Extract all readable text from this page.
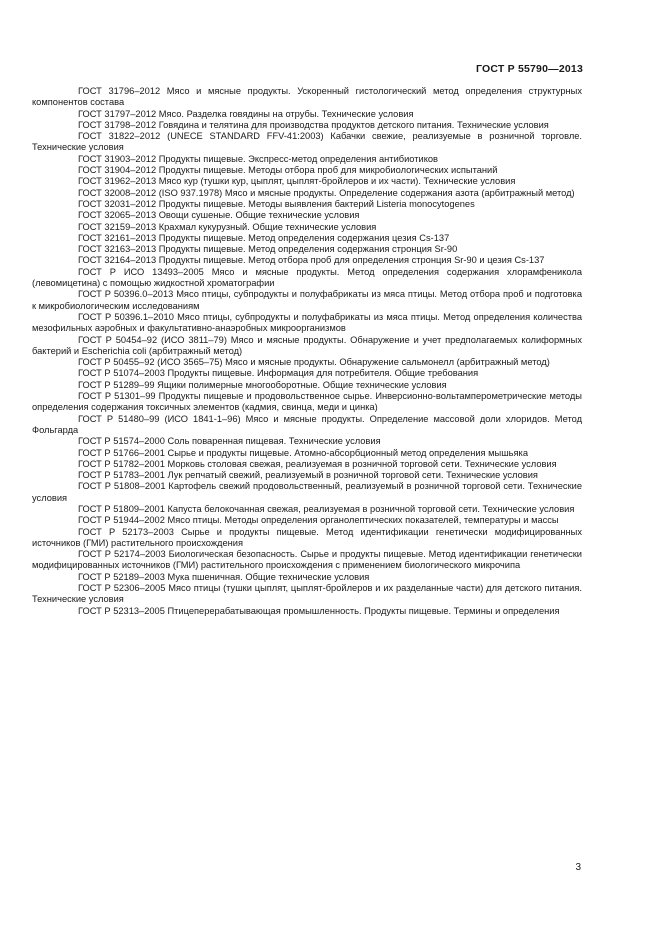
ГОСТ Р 55790—2013

ГОСТ 31796–2012 Мясо и мясные продукты. Ускоренный гистологический метод определения структурных компонентов состава

ГОСТ 31797–2012 Мясо. Разделка говядины на отрубы. Технические условия

ГОСТ 31798–2012 Говядина и телятина для производства продуктов детского питания. Технические условия

ГОСТ 31822–2012 (UNECE STANDARD FFV-41:2003) Кабачки свежие, реализуемые в розничной торговле. Технические условия

ГОСТ 31903–2012 Продукты пищевые. Экспресс-метод определения антибиотиков

ГОСТ 31904–2012 Продукты пищевые. Методы отбора проб для микробиологических испытаний

ГОСТ 31962–2013 Мясо кур (тушки кур, цыплят, цыплят-бройлеров и их части). Технические условия

ГОСТ 32008–2012 (ISO 937.1978) Мясо и мясные продукты. Определение содержания азота (арбитражный метод)

ГОСТ 32031–2012 Продукты пищевые. Методы выявления бактерий Listeria monocytogenes

ГОСТ 32065–2013 Овощи сушеные. Общие технические условия

ГОСТ 32159–2013 Крахмал кукурузный. Общие технические условия

ГОСТ 32161–2013 Продукты пищевые. Метод определения содержания цезия Cs-137

ГОСТ 32163–2013 Продукты пищевые. Метод определения содержания стронция Sr-90

ГОСТ 32164–2013 Продукты пищевые. Метод отбора проб для определения стронция Sr-90 и цезия Cs-137

ГОСТ Р ИСО 13493–2005 Мясо и мясные продукты. Метод определения содержания хлорамфеникола (левомицетина) с помощью жидкостной хроматографии

ГОСТ Р 50396.0–2013 Мясо птицы, субпродукты и полуфабрикаты из мяса птицы. Метод отбора проб и подготовка к микробиологическим исследованиям

ГОСТ Р 50396.1–2010 Мясо птицы, субпродукты и полуфабрикаты из мяса птицы. Метод определения количества мезофильных аэробных и факультативно-анаэробных микроорганизмов

ГОСТ Р 50454–92 (ИСО 3811–79) Мясо и мясные продукты. Обнаружение и учет предполагаемых колиформных бактерий и Escherichia coli (арбитражный метод)

ГОСТ Р 50455–92 (ИСО 3565–75) Мясо и мясные продукты. Обнаружение сальмонелл (арбитражный метод)

ГОСТ Р 51074–2003 Продукты пищевые. Информация для потребителя. Общие требования

ГОСТ Р 51289–99 Ящики полимерные многооборотные. Общие технические условия

ГОСТ Р 51301–99 Продукты пищевые и продовольственное сырье. Инверсионно-вольтамперометрические методы определения содержания токсичных элементов (кадмия, свинца, меди и цинка)

ГОСТ Р 51480–99 (ИСО 1841-1–96) Мясо и мясные продукты. Определение массовой доли хлоридов. Метод Фольгарда

ГОСТ Р 51574–2000 Соль поваренная пищевая. Технические условия

ГОСТ Р 51766–2001 Сырье и продукты пищевые. Атомно-абсорбционный метод определения мышьяка

ГОСТ Р 51782–2001 Морковь столовая свежая, реализуемая в розничной торговой сети. Технические условия

ГОСТ Р 51783–2001 Лук репчатый свежий, реализуемый в розничной торговой сети. Технические условия

ГОСТ Р 51808–2001 Картофель свежий продовольственный, реализуемый в розничной торговой сети. Технические условия

ГОСТ Р 51809–2001 Капуста белокочанная свежая, реализуемая в розничной торговой сети. Технические условия

ГОСТ Р 51944–2002 Мясо птицы. Методы определения органолептических показателей, температуры и массы

ГОСТ Р 52173–2003 Сырье и продукты пищевые. Метод идентификации генетически модифицированных источников (ГМИ) растительного происхождения

ГОСТ Р 52174–2003 Биологическая безопасность. Сырье и продукты пищевые. Метод идентификации генетически модифицированных источников (ГМИ) растительного происхождения с применением биологического микрочипа

ГОСТ Р 52189–2003 Мука пшеничная. Общие технические условия

ГОСТ Р 52306–2005 Мясо птицы (тушки цыплят, цыплят-бройлеров и их разделанные части) для детского питания. Технические условия

ГОСТ Р 52313–2005 Птицеперерабатывающая промышленность. Продукты пищевые. Термины и определения

3
